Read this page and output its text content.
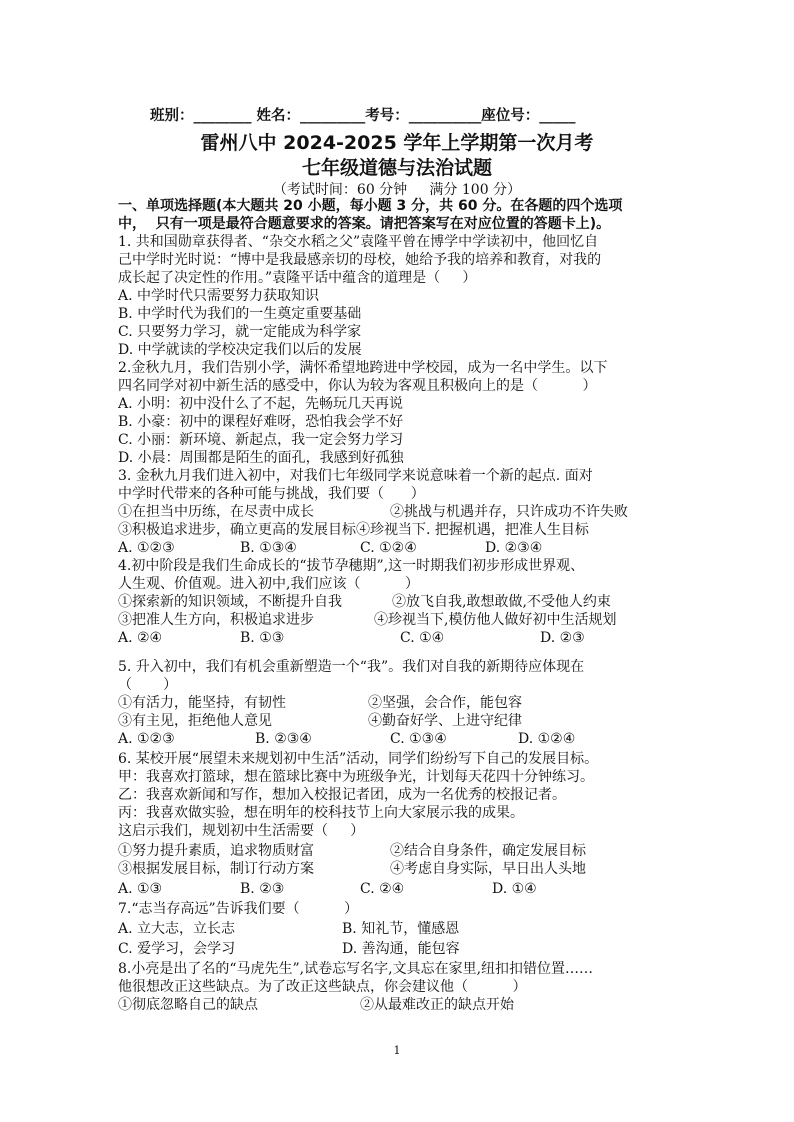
班别：________ 姓名：_________考号：__________座位号：_____
雷州八中 2024-2025 学年上学期第一次月考
七年级道德与法治试题
（考试时间：60 分钟     满分 100 分）
一、单项选择题(本大题共 20 小题，每小题 3 分，共 60 分。在各题的四个选项
中，  只有一项是最符合题意要求的答案。请把答案写在对应位置的答题卡上)。
1. 共和国勋章获得者、“杂交水稻之父”袁隆平曾在博学中学读初中，他回忆自
己中学时光时说：“博中是我最感亲切的母校，她给予我的培养和教育，对我的
成长起了决定性的作用。”袁隆平话中蕴含的道理是（     ）
A. 中学时代只需要努力获取知识
B. 中学时代为我们的一生奠定重要基础
C. 只要努力学习，就一定能成为科学家
D. 中学就读的学校决定我们以后的发展
2.金秋九月，我们告别小学，满怀希望地跨进中学校园，成为一名中学生。以下
四名同学对初中新生活的感受中，你认为较为客观且积极向上的是（          ）
A. 小明：初中没什么了不起，先畅玩几天再说
B. 小豪：初中的课程好难呀，恐怕我会学不好
C. 小丽：新环境、新起点，我一定会努力学习
D. 小晨：周围都是陌生的面孔，我感到好孤独
3. 金秋九月我们进入初中，对我们七年级同学来说意味着一个新的起点. 面对
中学时代带来的各种可能与挑战，我们要（      ）
①在担当中历练，在尽责中成长	②挑战与机遇并存，只许成功不许失败
③积极追求进步，确立更高的发展目标④珍视当下. 把握机遇，把准人生目标
A. ①②③	B. ①③④	C. ①②④	D. ②③④
4.初中阶段是我们生命成长的“拔节孕穗期”,这一时期我们初步形成世界观、
人生观、价值观。进入初中,我们应该（          ）
①探索新的知识领域，不断提升自我	②放飞自我,敢想敢做,不受他人约束
③把准人生方向，积极追求进步	④珍视当下,模仿他人做好初中生活规划
A. ②④	B. ①③	C. ①④	D. ②③
5. 升入初中，我们有机会重新塑造一个“我”。我们对自我的新期待应体现在
（       ）
①有活力，能坚持，有韧性	②坚强，会合作，能包容
③有主见，拒绝他人意见	④勤奋好学、上进守纪律
A. ①②③	B. ②③④	C. ①③④	D. ①②④
6. 某校开展“展望未来规划初中生活”活动，同学们纷纷写下自己的发展目标。
甲：我喜欢打篮球，想在篮球比赛中为班级争光，计划每天花四十分钟练习。
乙：我喜欢新闻和写作，想加入校报记者团，成为一名优秀的校报记者。
丙：我喜欢做实验，想在明年的校科技节上向大家展示我的成果。
这启示我们，规划初中生活需要（     ）
①努力提升素质，追求物质财富	②结合自身条件，确定发展目标
③根据发展目标，制订行动方案	④考虑自身实际，早日出人头地
A. ①③	B. ②③	C. ②④	D. ①④
7.“志当存高远”告诉我们要（          ）
A. 立大志，立长志	B. 知礼节，懂感恩
C. 爱学习，会学习	D. 善沟通，能包容
8.小亮是出了名的“马虎先生”,试卷忘写名字,文具忘在家里,纽扣扣错位置……
他很想改正这些缺点。为了改正这些缺点，你会建议他（          ）
①彻底忽略自己的缺点	②从最难改正的缺点开始
1
